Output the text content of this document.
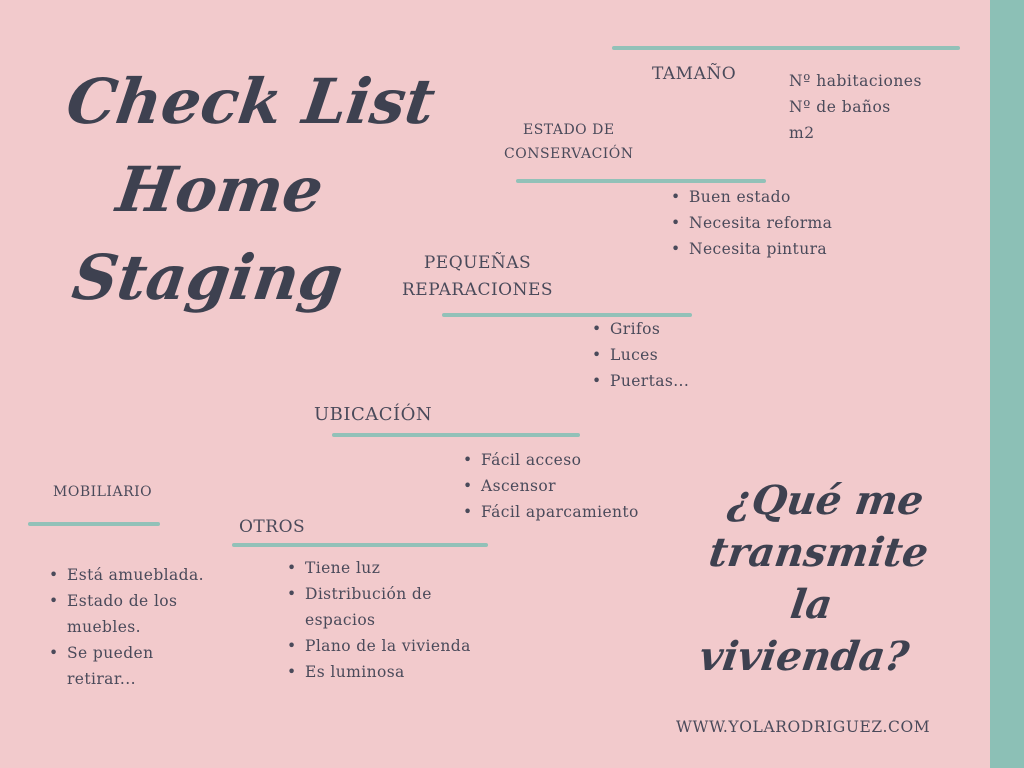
Check List
Home
Staging
TAMAÑO	Nº habitaciones
Nº de baños
m2
ESTADO DE
CONSERVACIÓN
• Buen estado
• Necesita reforma
• Necesita pintura
PEQUEÑAS
REPARACIONES
• Grifos
• Luces
• Puertas...
UBICACÍÓN
• Fácil acceso
• Ascensor
• Fácil aparcamiento
MOBILIARIO
• Está amueblada.
• Estado de los muebles.
• Se pueden retirar...
OTROS
• Tiene luz
• Distribución de espacios
• Plano de la vivienda
• Es luminosa
¿Qué me
transmite la
vivienda?
WWW.YOLARODRIGUEZ.COM
